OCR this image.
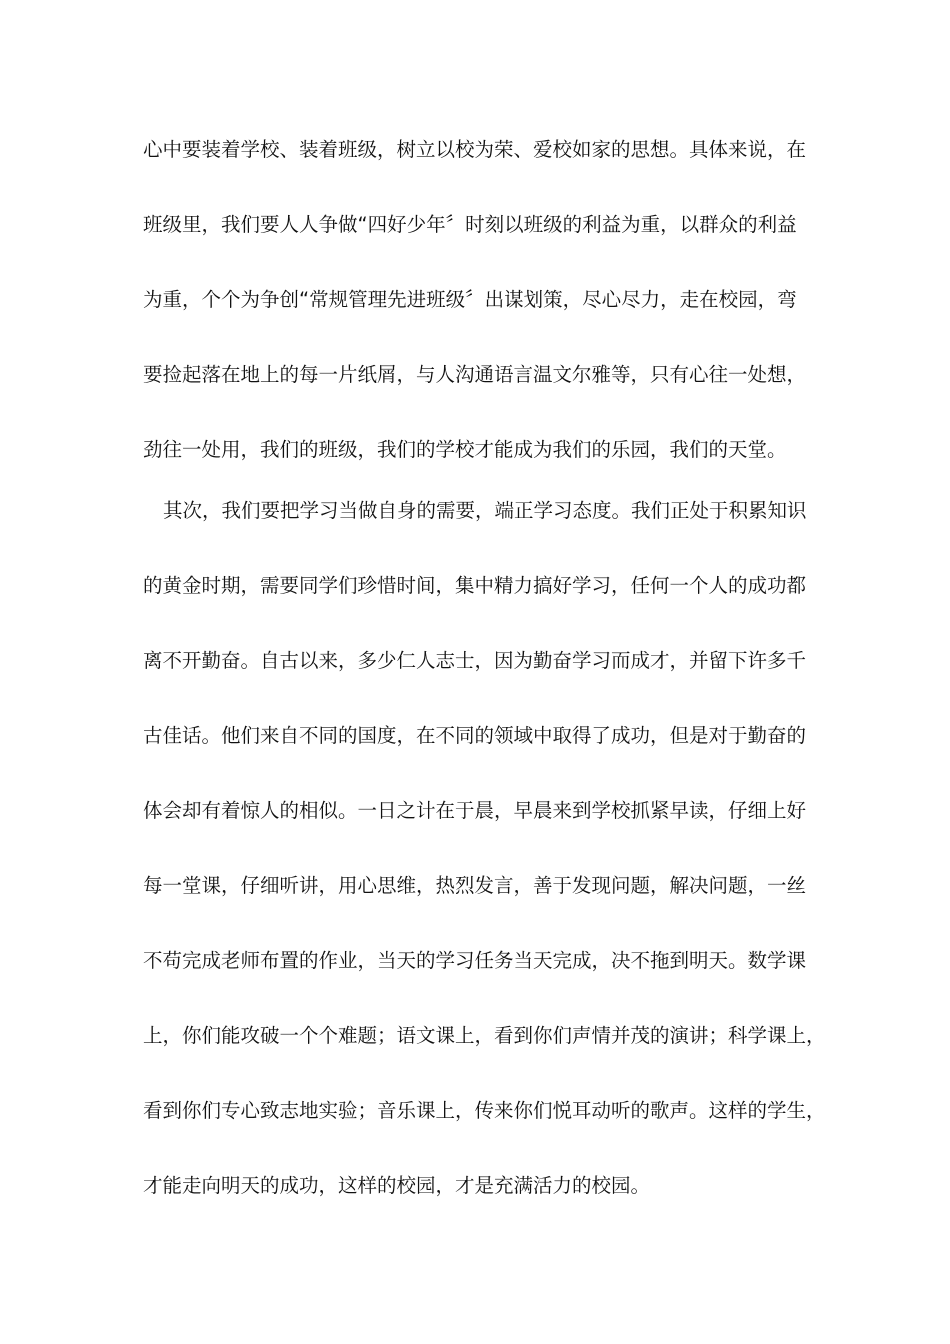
心中要装着学校、装着班级，树立以校为荣、爱校如家的思想。具体来说，在
班级里，我们要人人争做“四好少年〞时刻以班级的利益为重，以群众的利益
为重，个个为争创“常规管理先进班级〞出谋划策，尽心尽力，走在校园，弯
要捡起落在地上的每一片纸屑，与人沟通语言温文尔雅等，只有心往一处想，
劲往一处用，我们的班级，我们的学校才能成为我们的乐园，我们的天堂。
其次，我们要把学习当做自身的需要，端正学习态度。我们正处于积累知识
的黄金时期，需要同学们珍惜时间，集中精力搞好学习，任何一个人的成功都
离不开勤奋。自古以来，多少仁人志士，因为勤奋学习而成才，并留下许多千
古佳话。他们来自不同的国度，在不同的领域中取得了成功，但是对于勤奋的
体会却有着惊人的相似。一日之计在于晨，早晨来到学校抓紧早读，仔细上好
每一堂课，仔细听讲，用心思维，热烈发言，善于发现问题，解决问题，一丝
不苟完成老师布置的作业，当天的学习任务当天完成，决不拖到明天。数学课
上，你们能攻破一个个难题；语文课上，看到你们声情并茂的演讲；科学课上，
看到你们专心致志地实验；音乐课上，传来你们悦耳动听的歌声。这样的学生，
才能走向明天的成功，这样的校园，才是充满活力的校园。
